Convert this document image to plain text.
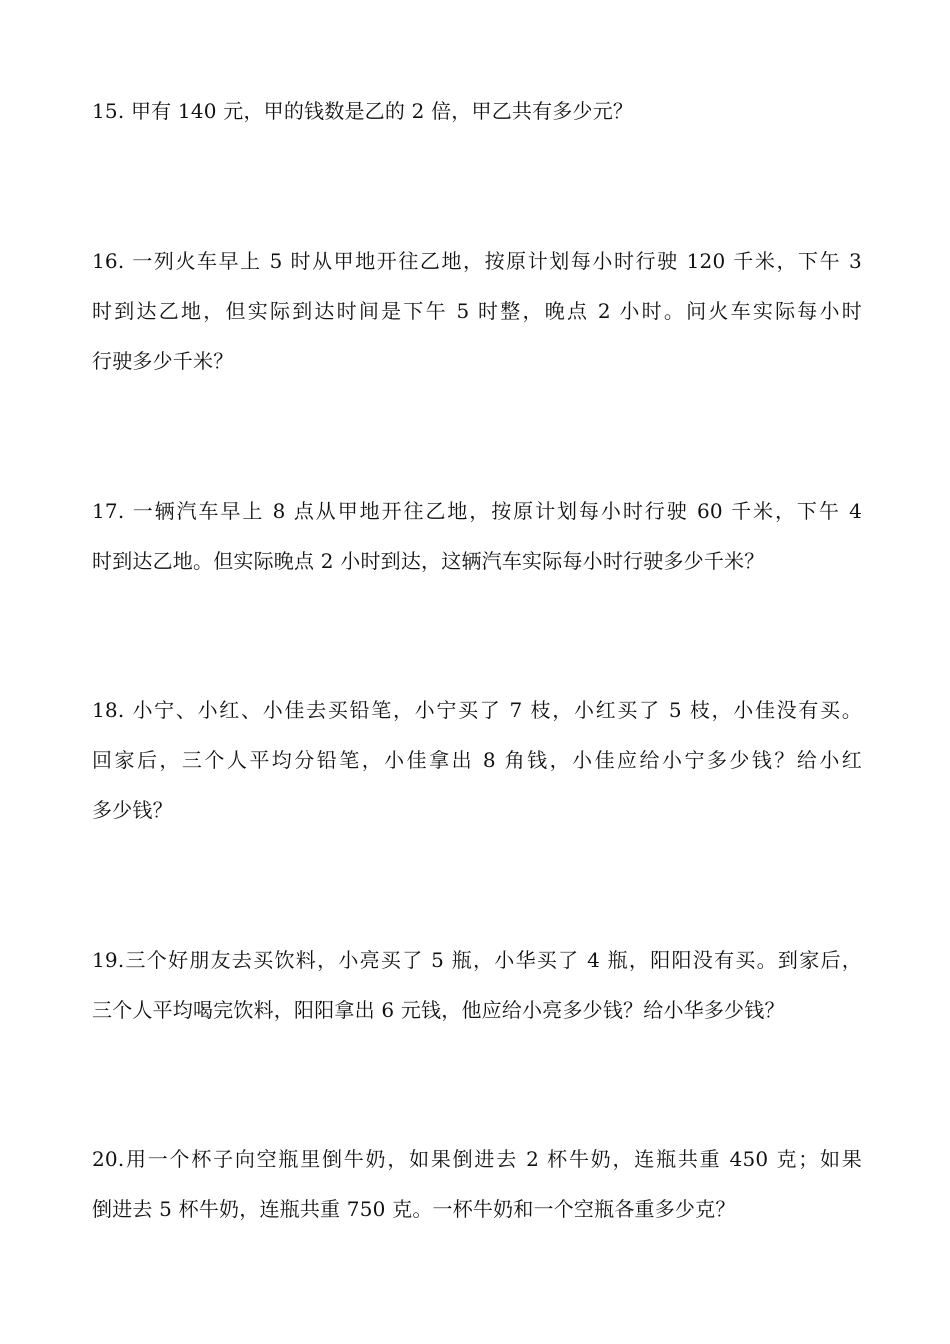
15. 甲有 140 元，甲的钱数是乙的 2 倍，甲乙共有多少元？
16. 一列火车早上 5 时从甲地开往乙地，按原计划每小时行驶 120 千米，下午 3
时到达乙地，但实际到达时间是下午 5 时整，晚点 2 小时。问火车实际每小时
行驶多少千米？
17. 一辆汽车早上 8 点从甲地开往乙地，按原计划每小时行驶 60 千米，下午 4
时到达乙地。但实际晚点 2 小时到达，这辆汽车实际每小时行驶多少千米？
18. 小宁、小红、小佳去买铅笔，小宁买了 7 枝，小红买了 5 枝，小佳没有买。
回家后，三个人平均分铅笔，小佳拿出 8 角钱，小佳应给小宁多少钱？给小红
多少钱？
19.三个好朋友去买饮料，小亮买了 5 瓶，小华买了 4 瓶，阳阳没有买。到家后，
三个人平均喝完饮料，阳阳拿出 6 元钱，他应给小亮多少钱？给小华多少钱？
20.用一个杯子向空瓶里倒牛奶，如果倒进去 2 杯牛奶，连瓶共重 450 克；如果
倒进去 5 杯牛奶，连瓶共重 750 克。一杯牛奶和一个空瓶各重多少克？
